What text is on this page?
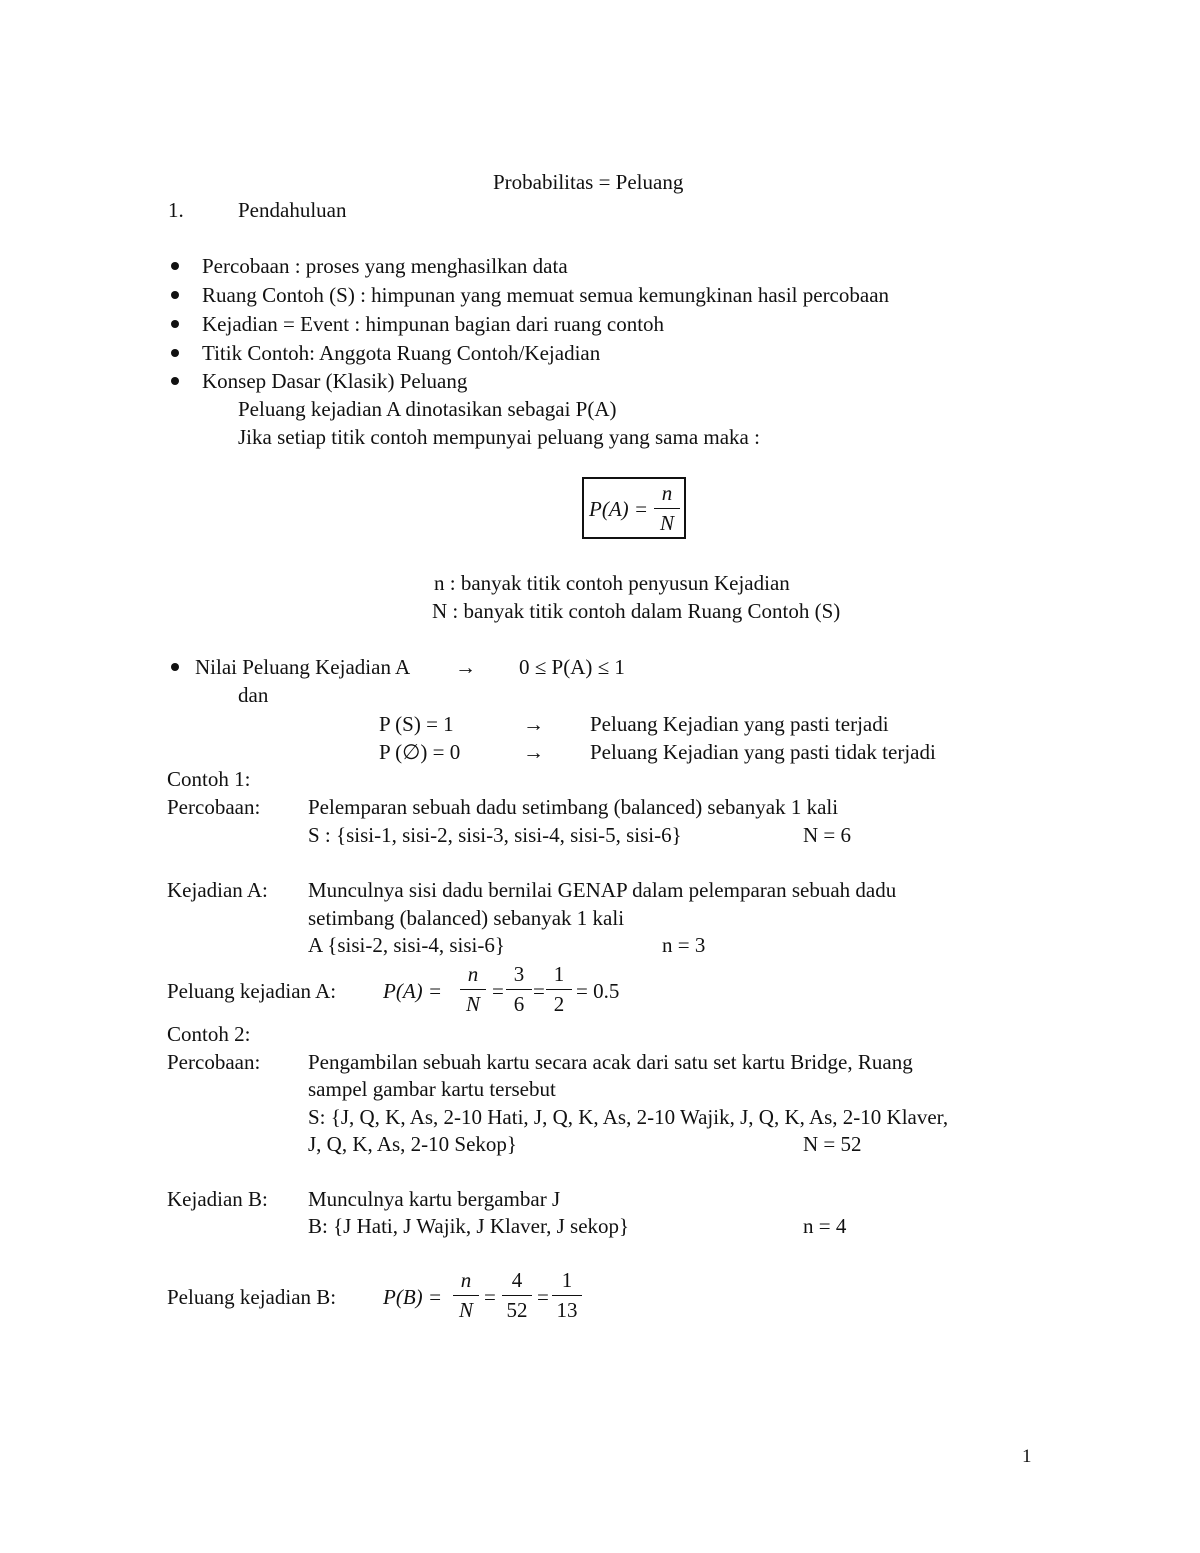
Probabilitas = Peluang
1.	Pendahuluan
Percobaan : proses yang menghasilkan data
Ruang Contoh (S) : himpunan yang memuat semua kemungkinan hasil percobaan
Kejadian = Event : himpunan bagian dari ruang contoh
Titik Contoh: Anggota Ruang Contoh/Kejadian
Konsep Dasar (Klasik) Peluang
Peluang kejadian A dinotasikan sebagai P(A)
Jika setiap titik contoh mempunyai peluang yang sama maka :
P(A) =
n
N
n : banyak titik contoh penyusun Kejadian
N : banyak titik contoh dalam Ruang Contoh (S)
Nilai Peluang Kejadian A → 0 ≤ P(A) ≤ 1
dan
P (S) = 1	→ Peluang Kejadian yang pasti terjadi
P (∅) = 0	→ Peluang Kejadian yang pasti tidak terjadi
Contoh 1:
Percobaan: Pelemparan sebuah dadu setimbang (balanced) sebanyak 1 kali
S : {sisi-1, sisi-2, sisi-3, sisi-4, sisi-5, sisi-6}	N = 6
Kejadian A: Munculnya sisi dadu bernilai GENAP dalam pelemparan sebuah dadu
setimbang (balanced) sebanyak 1 kali
A {sisi-2, sisi-4, sisi-6}	n = 3
Peluang kejadian A: P(A) =
n
N
=
3
6
=
1
2
= 0.5
Contoh 2:
Percobaan: Pengambilan sebuah kartu secara acak dari satu set kartu Bridge, Ruang
sampel gambar kartu tersebut
S: {J, Q, K, As, 2-10 Hati, J, Q, K, As, 2-10 Wajik, J, Q, K, As, 2-10 Klaver,
J, Q, K, As, 2-10 Sekop}	N = 52
Kejadian B: Munculnya kartu bergambar J
B: {J Hati, J Wajik, J Klaver, J sekop}	n = 4
Peluang kejadian B: P(B) =
n
N
=
4
52
=
1
13
1
